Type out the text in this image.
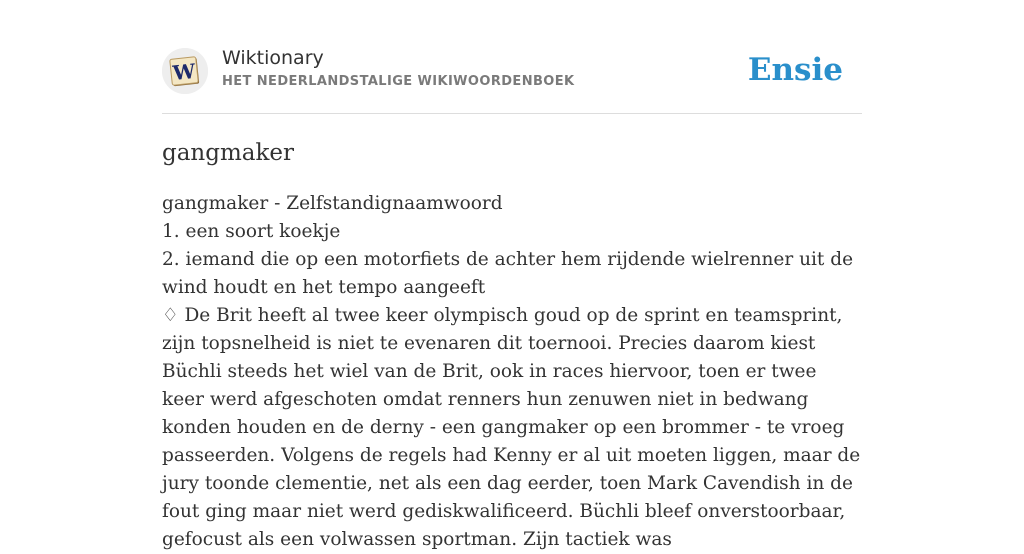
W
Wiktionary
HET NEDERLANDSTALIGE WIKIWOORDENBOEK	Ensie
gangmaker

gangmaker - Zelfstandignaamwoord

1. een soort koekje

2. iemand die op een motorfiets de achter hem rijdende wielrenner uit de wind houdt en het tempo aangeeft

♢ De Brit heeft al twee keer olympisch goud op de sprint en teamsprint, zijn topsnelheid is niet te evenaren dit toernooi. Precies daarom kiest Büchli steeds het wiel van de Brit, ook in races hiervoor, toen er twee keer werd afgeschoten omdat renners hun zenuwen niet in bedwang konden houden en de derny - een gangmaker op een brommer - te vroeg passeerden. Volgens de regels had Kenny er al uit moeten liggen, maar de jury toonde clementie, net als een dag eerder, toen Mark Cavendish in de fout ging maar niet werd gediskwalificeerd. Büchli bleef onverstoorbaar, gefocust als een volwassen sportman. Zijn tactiek was
